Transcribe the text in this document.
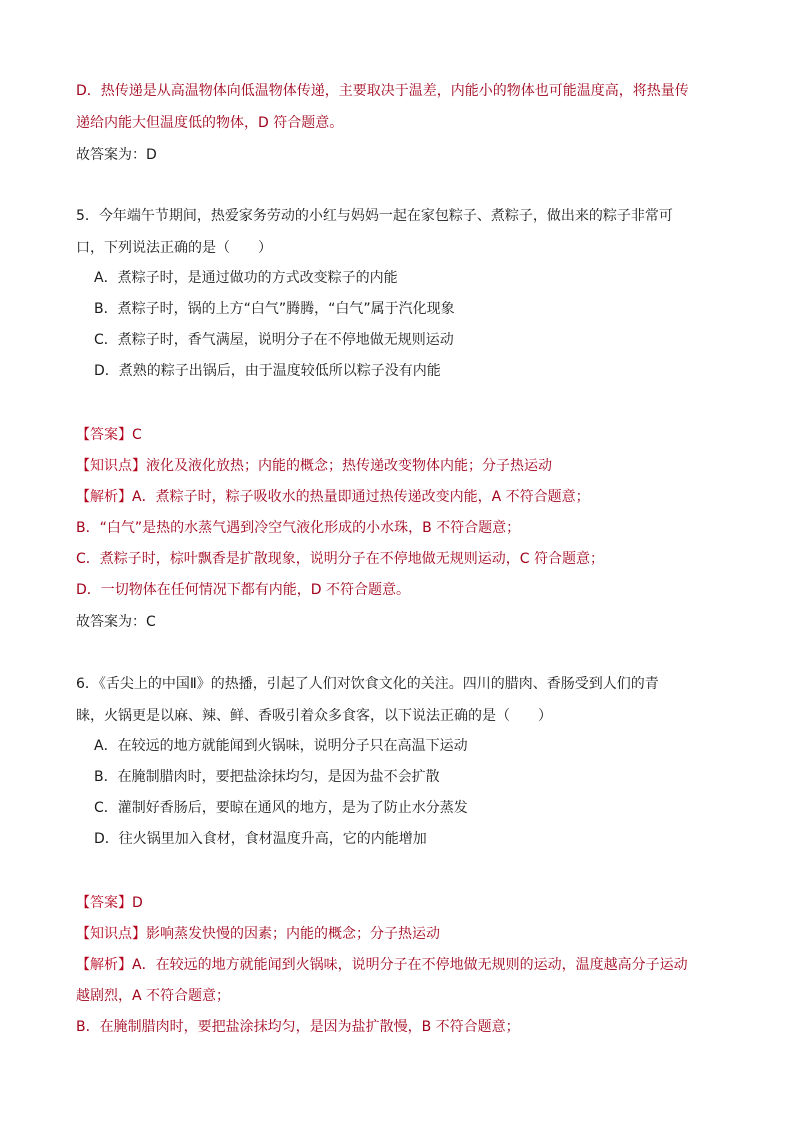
D．热传递是从高温物体向低温物体传递，主要取决于温差，内能小的物体也可能温度高，将热量传
递给内能大但温度低的物体，D 符合题意。
故答案为：D
5．今年端午节期间，热爱家务劳动的小红与妈妈一起在家包粽子、煮粽子，做出来的粽子非常可
口，下列说法正确的是（　　）
A．煮粽子时，是通过做功的方式改变粽子的内能
B．煮粽子时，锅的上方“白气”腾腾，“白气”属于汽化现象
C．煮粽子时，香气满屋，说明分子在不停地做无规则运动
D．煮熟的粽子出锅后，由于温度较低所以粽子没有内能
【答案】C
【知识点】液化及液化放热；内能的概念；热传递改变物体内能；分子热运动
【解析】A．煮粽子时，粽子吸收水的热量即通过热传递改变内能，A 不符合题意；
B．“白气”是热的水蒸气遇到冷空气液化形成的小水珠，B 不符合题意；
C．煮粽子时，棕叶飘香是扩散现象，说明分子在不停地做无规则运动，C 符合题意；
D．一切物体在任何情况下都有内能，D 不符合题意。
故答案为：C
6．《舌尖上的中国Ⅱ》的热播，引起了人们对饮食文化的关注。四川的腊肉、香肠受到人们的青
睐，火锅更是以麻、辣、鲜、香吸引着众多食客，以下说法正确的是（　　）
A．在较远的地方就能闻到火锅味，说明分子只在高温下运动
B．在腌制腊肉时，要把盐涂抹均匀，是因为盐不会扩散
C．灌制好香肠后，要晾在通风的地方，是为了防止水分蒸发
D．往火锅里加入食材，食材温度升高，它的内能增加
【答案】D
【知识点】影响蒸发快慢的因素；内能的概念；分子热运动
【解析】A．在较远的地方就能闻到火锅味，说明分子在不停地做无规则的运动，温度越高分子运动
越剧烈，A 不符合题意；
B．在腌制腊肉时，要把盐涂抹均匀，是因为盐扩散慢，B 不符合题意；
